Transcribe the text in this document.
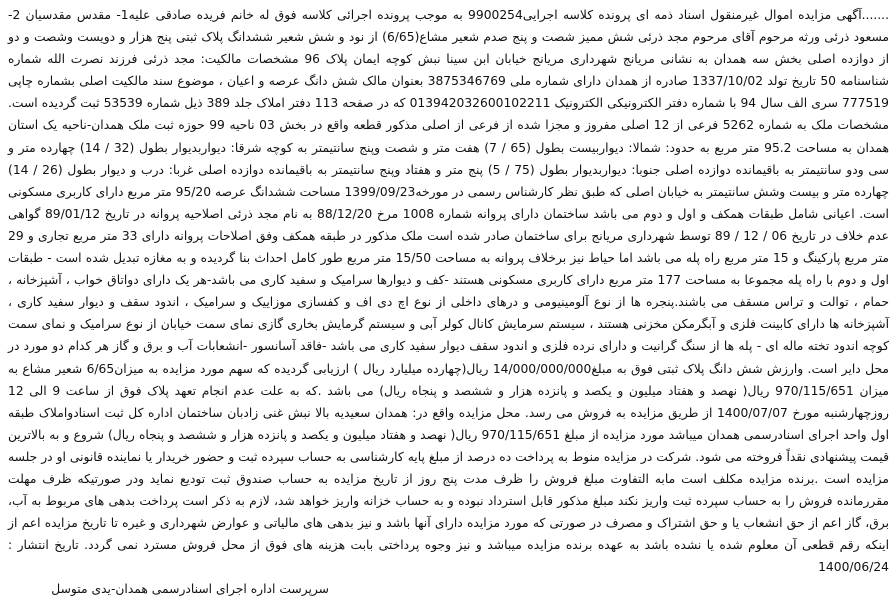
.......آگهی مزایده اموال غیرمنقول اسناد ذمه ای پرونده کلاسه اجرایی9900254 به موجب پرونده اجرائی کلاسه فوق له خانم فریده صادقی علیه1- مقدس مقدسیان 2- مسعود ذرئی ورثه مرحوم آقای مرحوم مجد ذرئی شش ممیز شصت و پنج صدم شعیر مشاع(6/65) از نود و شش شعیر ششدانگ پلاک ثبتی پنج هزار و دویست وشصت و دو از دوازده اصلی بخش سه همدان به نشانی مریانج شهرداری مریانج خیابان ابن سینا نبش کوچه ایمان پلاک 96 مشخصات مالکیت: مجد ذرئی فرزند نصرت الله شماره شناسنامه 50 تاریخ تولد 1337/10/02 صادره از همدان دارای شماره ملی 3875346769 بعنوان مالک شش دانگ عرصه و اعیان ، موضوع سند مالکیت اصلی بشماره چاپی 777519 سری الف سال 94 با شماره دفتر الکترونیکی الکترونیک 013942032600102211 که در صفحه 113 دفتر املاک جلد 389 ذیل شماره 53539 ثبت گردیده است. مشخصات ملک به شماره 5262 فرعی از 12 اصلی مفروز و مجزا شده از فرعی از اصلی مذکور قطعه واقع در بخش 03 ناحیه 99 حوزه ثبت ملک همدان-ناحیه یک استان همدان به مساحت 95.2 متر مربع به حدود: شمالا: دیواربیست بطول (65 / 7) هفت متر و شصت وپنج سانتیمتر به کوچه شرقا: دیواربدیوار بطول (32 / 14) چهارده متر و سی ودو سانتیمتر به باقیمانده دوازده اصلی جنوبا: دیواربدیوار بطول (75 / 5) پنج متر و هفتاد وپنج سانتیمتر به باقیمانده دوازده اصلی غربا: درب و دیوار بطول (26 / 14) چهارده متر و بیست وشش سانتیمتر به خیابان اصلی که طبق نظر کارشناس رسمی در مورخه1399/09/23 مساحت ششدانگ عرصه 95/20 متر مربع دارای کاربری مسکونی است. اعیانی شامل طبقات همکف و اول و دوم می باشد ساختمان دارای پروانه شماره 1008 مرخ 88/12/20 به نام مجد ذرئی اصلاحیه پروانه در تاریخ 89/01/12 گواهی عدم خلاف در تاریخ 06 / 12 / 89 توسط شهرداری مریانج برای ساختمان صادر شده است ملک مذکور در طبقه همکف وفق اصلاحات پروانه دارای 33 متر مربع تجاری و 29 متر مربع پارکینگ و 15 متر مربع راه پله می باشد اما حیاط نیز برخلاف پروانه به مساحت 15/50 متر مربع طور کامل احداث بنا گردیده و به مغازه تبدیل شده است - طبقات اول و دوم با راه پله مجموعا به مساحت 177 متر مربع دارای کاربری مسکونی هستند -کف و دیوارها سرامیک و سفید کاری می باشد-هر یک دارای دواتاق خواب ، آشپزخانه ، حمام ، توالت و تراس مسقف می باشند.پنجره ها از نوع آلومینیومی و درهای داخلی از نوع اچ دی اف و کفسازی موزاییک و سرامیک ، اندود سقف و دیوار سفید کاری ، آشپزخانه ها دارای کابینت فلزی و آبگرمکن مخزنی هستند ، سیستم سرمایش کانال کولر آبی و سیستم گرمایش بخاری گازی نمای سمت خیابان از نوع سرامیک و نمای سمت کوچه اندود تخته ماله ای - پله ها از سنگ گرانیت و دارای نرده فلزی و اندود سقف دیوار سفید کاری می باشد -فاقد آسانسور -انشعابات آب و برق و گاز هر کدام دو مورد در محل دایر است. وارزش شش دانگ پلاک ثبتی فوق به مبلغ14/000/000/000 ریال(چهارده میلیارد ریال ) ارزیابی گردیده که سهم مورد مزایده به میزان6/65 شعیر مشاع به میزان 970/115/651 ریال( نهصد و هفتاد میلیون و یکصد و پانزده هزار و ششصد و پنجاه ریال) می باشد .که به علت عدم انجام تعهد پلاک فوق از ساعت 9 الی 12 روزچهارشنبه مورخ 1400/07/07 از طریق مزایده به فروش می رسد. محل مزایده واقع در: همدان سعیدیه بالا نبش غنی زادبان ساختمان اداره کل ثبت اسنادواملاک طبقه اول واحد اجرای اسنادرسمی همدان میباشد مورد مزایده از مبلغ 970/115/651 ریال( نهصد و هفتاد میلیون و یکصد و پانزده هزار و ششصد و پنجاه ریال) شروع و به بالاترین قیمت پیشنهادی نقداً فروخته می شود. شرکت در مزایده منوط به پرداخت ده درصد از مبلغ پایه کارشناسی به حساب سپرده ثبت و حضور خریدار یا نماینده قانونی او در جلسه مزایده است .برنده مزایده مکلف است مابه التفاوت مبلغ فروش را ظرف مدت پنج روز از تاریخ مزایده به حساب صندوق ثبت تودیع نماید ودر صورتیکه ظرف مهلت مقررمانده فروش را به حساب سپرده ثبت واریز نکند مبلغ مذکور قابل استرداد نبوده و به حساب خزانه واریز خواهد شد، لازم به ذکر است پرداخت بدهی های مربوط به آب، برق، گاز اعم از حق انشعاب یا و حق اشتراک و مصرف در صورتی که مورد مزایده دارای آنها باشد و نیز بدهی های مالیاتی و عوارض شهرداری و غیره تا تاریخ مزایده اعم از اینکه رقم قطعی آن معلوم شده یا نشده باشد به عهده برنده مزایده میباشد و نیز وجوه پرداختی بابت هزینه های فوق از محل فروش مسترد نمی گردد. تاریخ انتشار : 1400/06/24

سرپرست اداره اجرای اسنادرسمی همدان-یدی متوسل
